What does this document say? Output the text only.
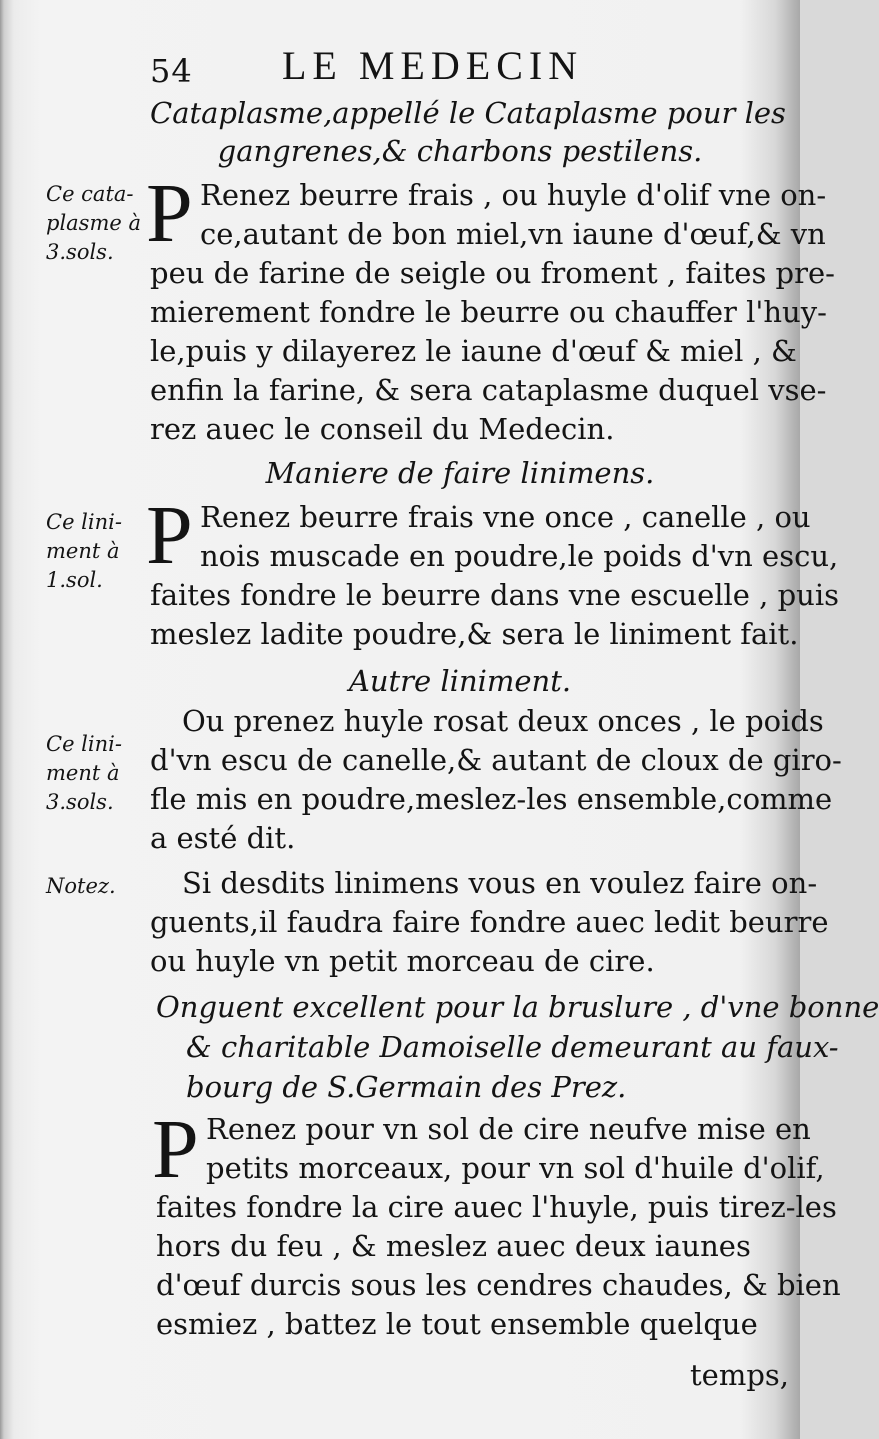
54 LE MEDECIN
Cataplasme,appellé le Cataplasme pour les
gangrenes,& charbons pestilens.
Ce cata-
plasme à
3.sols. P Renez beurre frais , ou huyle d'olif vne on-
ce,autant de bon miel,vn iaune d'œuf,& vn
peu de farine de seigle ou froment , faites pre-
mierement fondre le beurre ou chauffer l'huy-
le,puis y dilayerez le iaune d'œuf & miel , &
enfin la farine, & sera cataplasme duquel vse-
rez auec le conseil du Medecin.
Maniere de faire linimens.
Ce lini-
ment à
1.sol. P Renez beurre frais vne once , canelle , ou
nois muscade en poudre,le poids d'vn escu,
faites fondre le beurre dans vne escuelle , puis
meslez ladite poudre,& sera le liniment fait.
Autre liniment.
Ce lini-
ment à
3.sols.
Ou prenez huyle rosat deux onces , le poids
d'vn escu de canelle,& autant de cloux de giro-
fle mis en poudre,meslez-les ensemble,comme
a esté dit.
Notez.	Si desdits linimens vous en voulez faire on-
guents,il faudra faire fondre auec ledit beurre
ou huyle vn petit morceau de cire.
Onguent excellent pour la bruslure , d'vne bonne
& charitable Damoiselle demeurant au faux-
bourg de S.Germain des Prez.
P Renez pour vn sol de cire neufve mise en
petits morceaux, pour vn sol d'huile d'olif,
faites fondre la cire auec l'huyle, puis tirez-les
hors du feu , & meslez auec deux iaunes
d'œuf durcis sous les cendres chaudes, & bien
esmiez , battez le tout ensemble quelque
temps,
